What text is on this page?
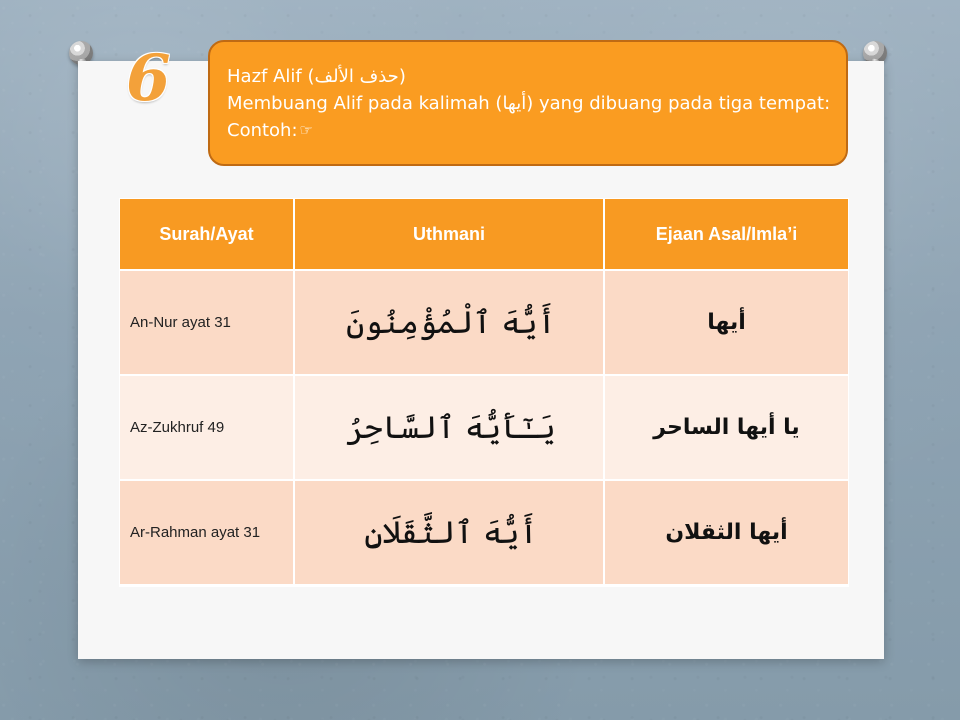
6	Hazf Alif (حذف الألف)
Membuang Alif pada kalimah (أيها) yang dibuang pada tiga tempat: Contoh: ☞
Surah/Ayat	Uthmani	Ejaan Asal/Imla’i
An-Nur ayat 31	أَيُّهَ ٱلْمُؤْمِنُونَ	أيها
Az-Zukhruf 49	يَـٰٓأَيُّهَ ٱلسَّاحِرُ	يا أيها الساحر
Ar-Rahman ayat 31	أَيُّهَ ٱلثَّقَلَانِ	أيها الثقلان
